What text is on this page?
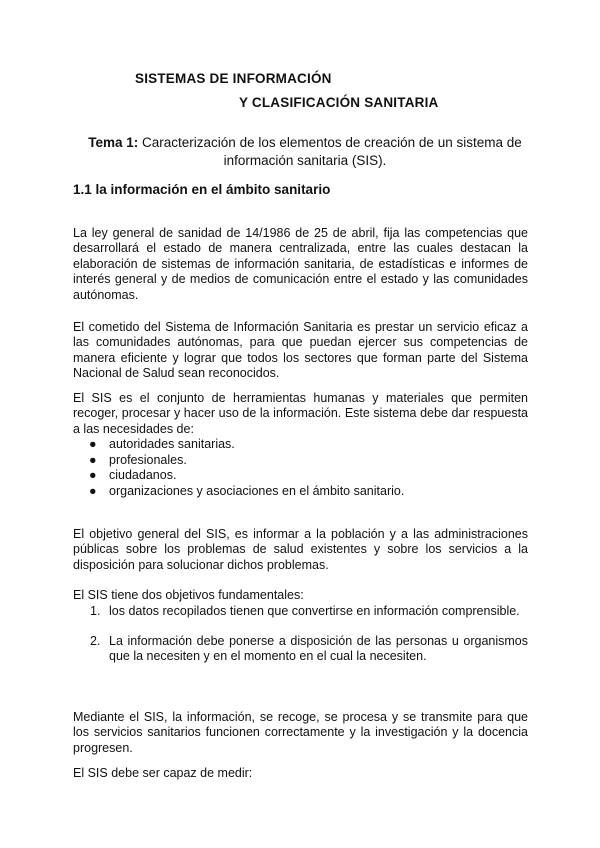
SISTEMAS DE INFORMACIÓN
Y CLASIFICACIÓN SANITARIA
Tema 1: Caracterización de los elementos de creación de un sistema de información sanitaria (SIS).
1.1 la información en el ámbito sanitario

La ley general de sanidad de 14/1986 de 25 de abril, fija las competencias que desarrollará el estado de manera centralizada, entre las cuales destacan la elaboración de sistemas de información sanitaria, de estadísticas e informes de interés general y de medios de comunicación entre el estado y las comunidades autónomas.

El cometido del Sistema de Información Sanitaria es prestar un servicio eficaz a las comunidades autónomas, para que puedan ejercer sus competencias de manera eficiente y lograr que todos los sectores que forman parte del Sistema Nacional de Salud sean reconocidos.

El SIS es el conjunto de herramientas humanas y materiales que permiten recoger, procesar y hacer uso de la información. Este sistema debe dar respuesta a las necesidades de:

● autoridades sanitarias.
● profesionales.
● ciudadanos.
● organizaciones y asociaciones en el ámbito sanitario.

El objetivo general del SIS, es informar a la población y a las administraciones públicas sobre los problemas de salud existentes y sobre los servicios a la disposición para solucionar dichos problemas.

El SIS tiene dos objetivos fundamentales:

1. los datos recopilados tienen que convertirse en información comprensible.
2. La información debe ponerse a disposición de las personas u organismos que la necesiten y en el momento en el cual la necesiten.

Mediante el SIS, la información, se recoge, se procesa y se transmite para que los servicios sanitarios funcionen correctamente y la investigación y la docencia progresen.

El SIS debe ser capaz de medir:
